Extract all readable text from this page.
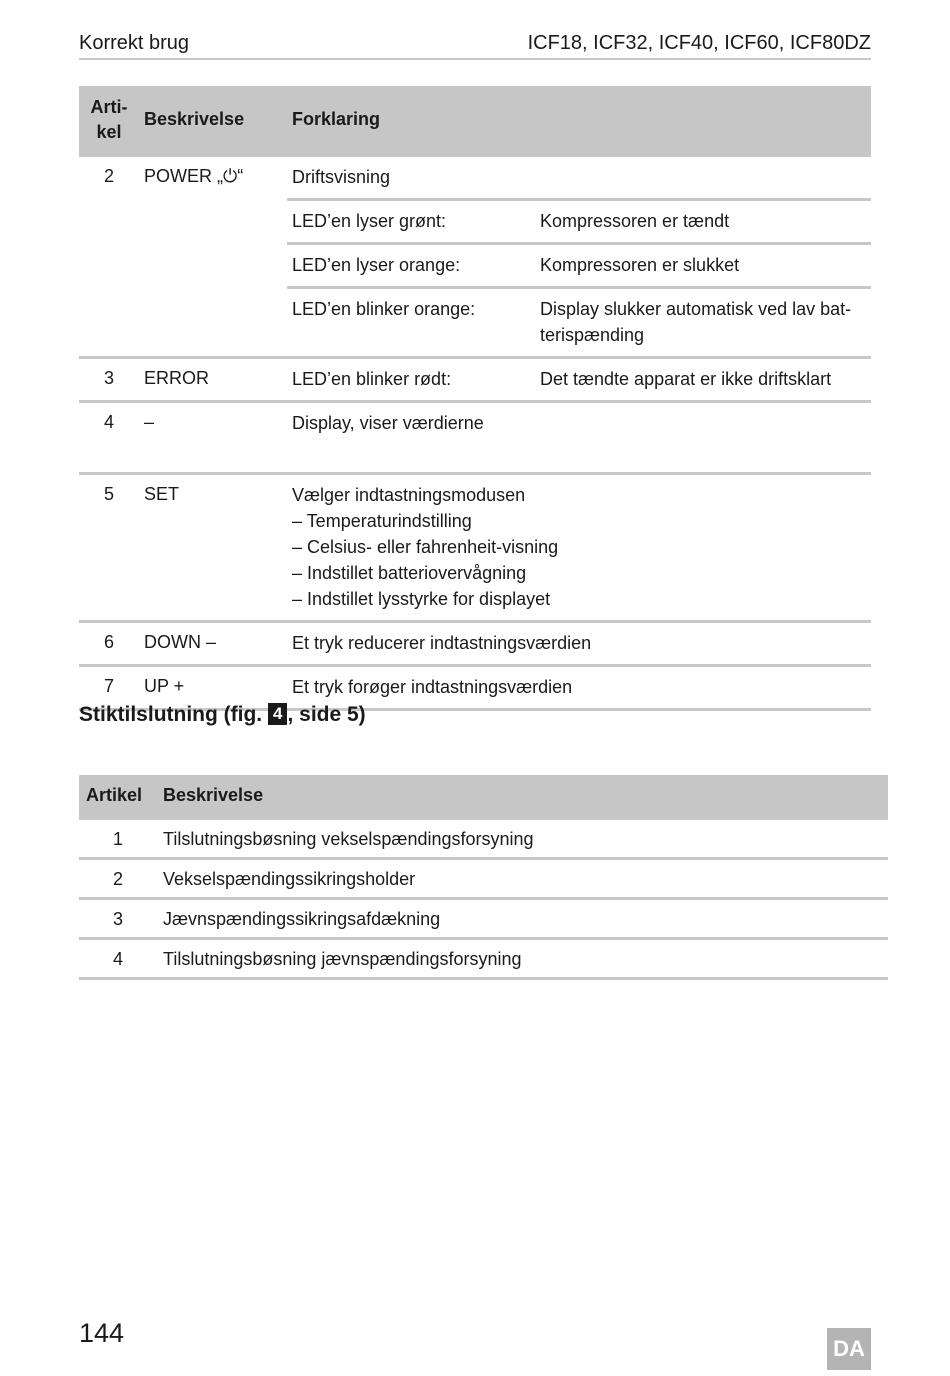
Korrekt brug	ICF18, ICF32, ICF40, ICF60, ICF80DZ
Arti-
kel
Beskrivelse	Forklaring
2	POWER „⏻“	Driftsvisning
LED’en lyser grønt:	Kompressoren er tændt
LED’en lyser orange:	Kompressoren er slukket
LED’en blinker orange:	Display slukker automatisk ved lav bat-terispænding
3	ERROR	LED’en blinker rødt:	Det tændte apparat er ikke driftsklart
4	–	Display, viser værdierne
5	SET	Vælger indtastningsmodusen
– Temperaturindstilling
– Celsius- eller fahrenheit-visning
– Indstillet batteriovervågning
– Indstillet lysstyrke for displayet
6	DOWN –	Et tryk reducerer indtastningsværdien
7	UP +	Et tryk forøger indtastningsværdien
Stiktilslutning (fig. 4 , side 5)
Artikel Beskrivelse
1	Tilslutningsbøsning vekselspændingsforsyning
2	Vekselspændingssikringsholder
3	Jævnspændingssikringsafdækning
4	Tilslutningsbøsning jævnspændingsforsyning
144
DA
